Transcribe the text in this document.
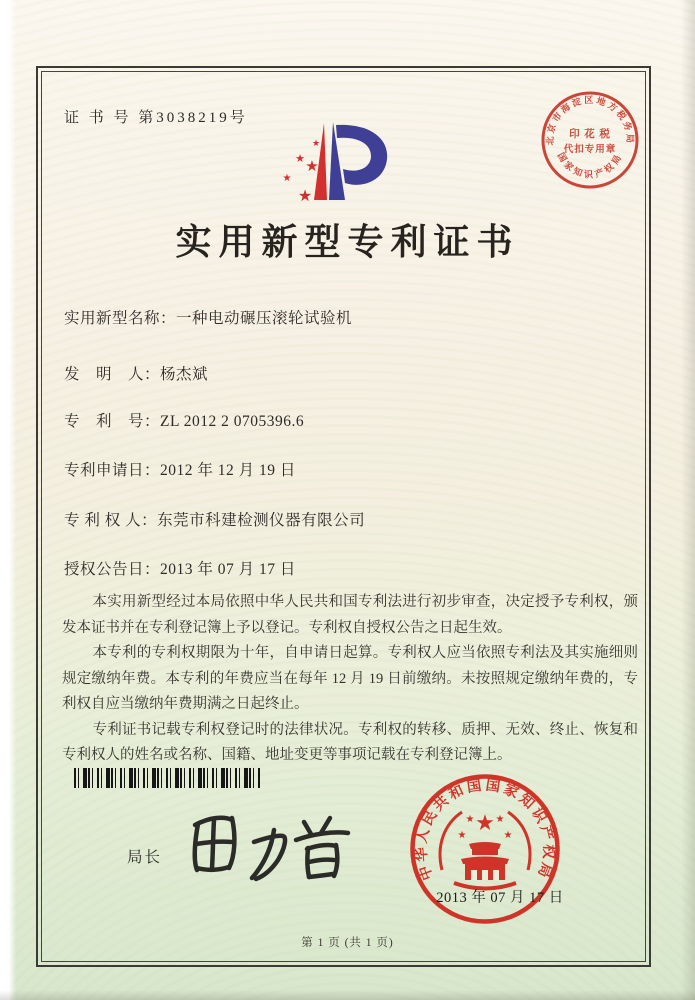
证 书 号 第3038219号
★
★ ★
★
★
北京市海淀区地方税务局
国家知识产权局
印 花 税
代扣专用章
实用新型专利证书
实用新型名称：一种电动碾压滚轮试验机
发　明　人：杨杰斌
专　利　号：ZL 2012 2 0705396.6
专利申请日：2012 年 12 月 19 日
专 利 权 人：东莞市科建检测仪器有限公司
授权公告日：2013 年 07 月 17 日

本实用新型经过本局依照中华人民共和国专利法进行初步审查，决定授予专利权，颁发本证书并在专利登记簿上予以登记。专利权自授权公告之日起生效。

本专利的专利权期限为十年，自申请日起算。专利权人应当依照专利法及其实施细则规定缴纳年费。本专利的年费应当在每年 12 月 19 日前缴纳。未按照规定缴纳年费的，专利权自应当缴纳年费期满之日起终止。

专利证书记载专利权登记时的法律状况。专利权的转移、质押、无效、终止、恢复和专利权人的姓名或名称、国籍、地址变更等事项记载在专利登记簿上。

局长
中华人民共和国国家知识产权局
★
★
★ ★
★
2013 年 07 月 17 日
第 1 页 (共 1 页)
